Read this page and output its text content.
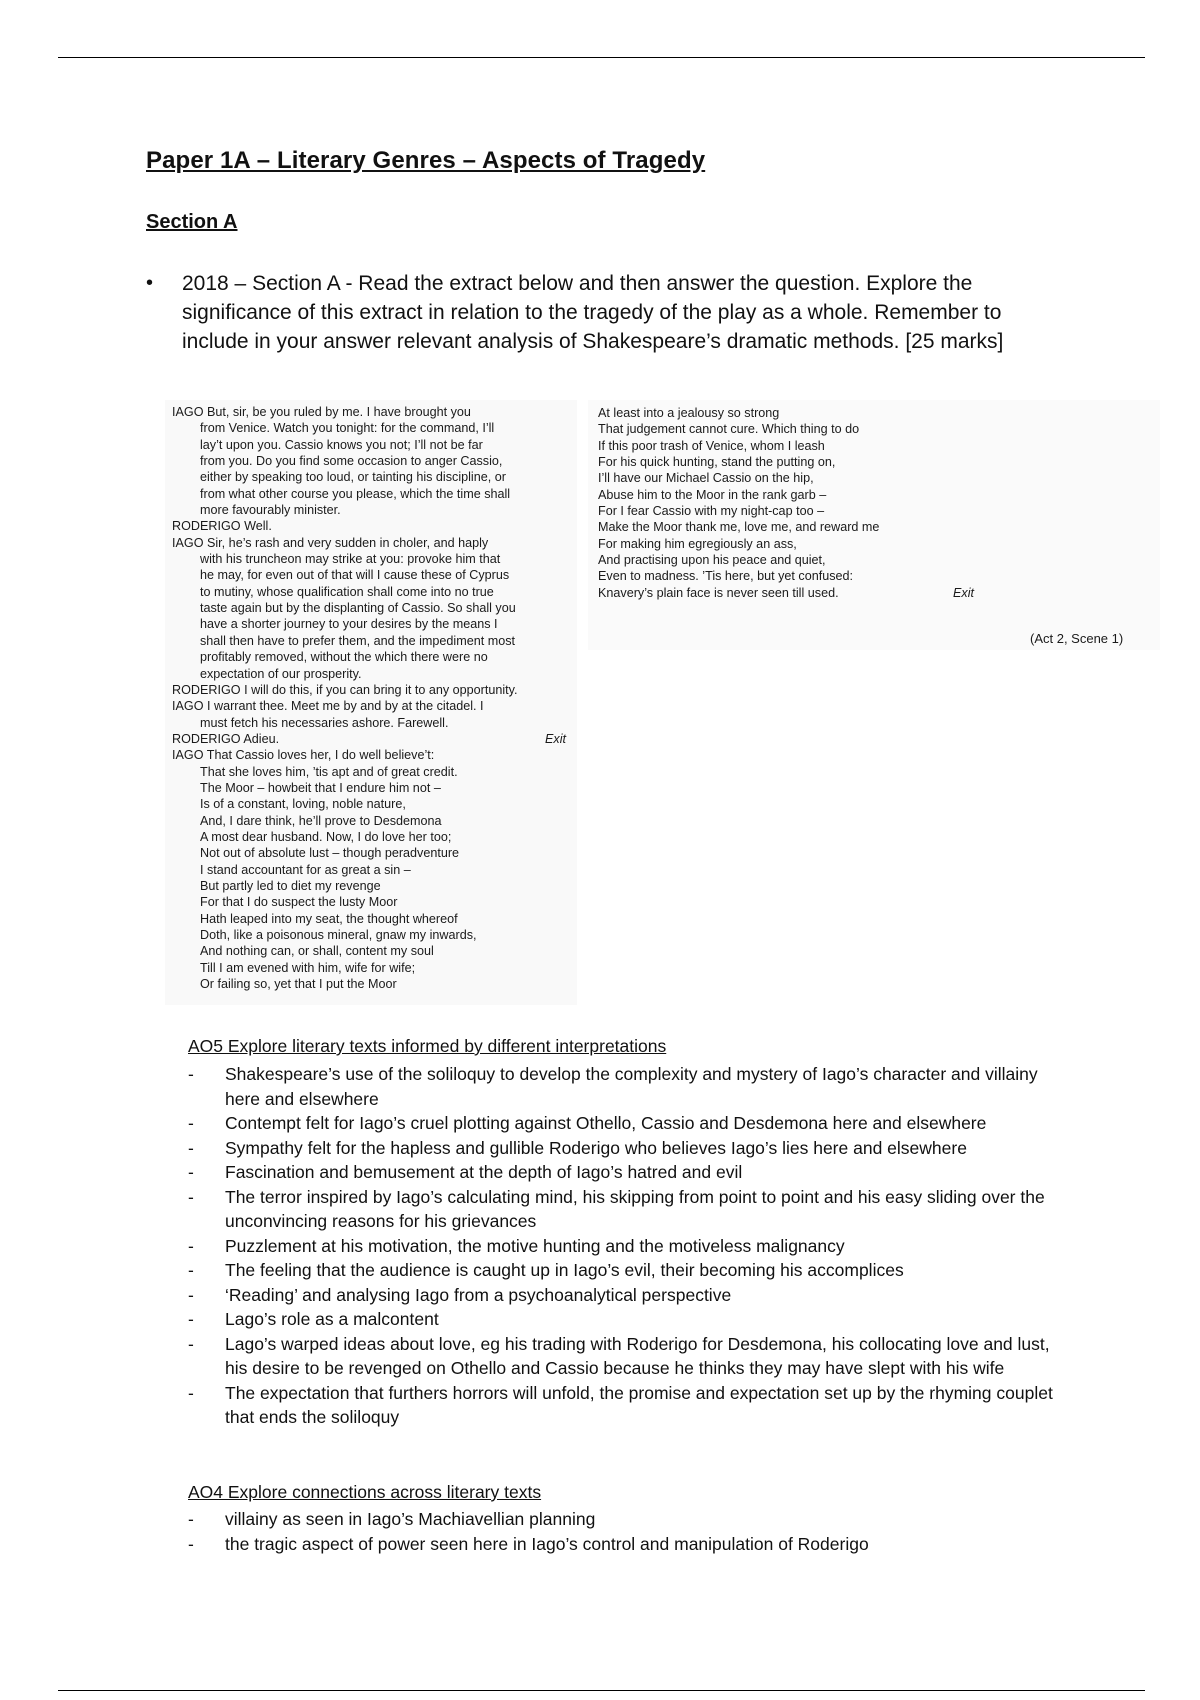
Paper 1A – Literary Genres – Aspects of Tragedy
Section A
• 2018 – Section A - Read the extract below and then answer the question. Explore the significance of this extract in relation to the tragedy of the play as a whole. Remember to include in your answer relevant analysis of Shakespeare’s dramatic methods. [25 marks]
IAGO But, sir, be you ruled by me. I have brought you
from Venice. Watch you tonight: for the command, I’ll
lay’t upon you. Cassio knows you not; I’ll not be far
from you. Do you find some occasion to anger Cassio,
either by speaking too loud, or tainting his discipline, or
from what other course you please, which the time shall
more favourably minister.
RODERIGO Well.
IAGO Sir, he’s rash and very sudden in choler, and haply
with his truncheon may strike at you: provoke him that
he may, for even out of that will I cause these of Cyprus
to mutiny, whose qualification shall come into no true
taste again but by the displanting of Cassio. So shall you
have a shorter journey to your desires by the means I
shall then have to prefer them, and the impediment most
profitably removed, without the which there were no
expectation of our prosperity.
RODERIGO I will do this, if you can bring it to any opportunity.
IAGO I warrant thee. Meet me by and by at the citadel. I
must fetch his necessaries ashore. Farewell.
RODERIGO Adieu.	Exit
IAGO That Cassio loves her, I do well believe’t:
That she loves him, ’tis apt and of great credit.
The Moor – howbeit that I endure him not –
Is of a constant, loving, noble nature,
And, I dare think, he’ll prove to Desdemona
A most dear husband. Now, I do love her too;
Not out of absolute lust – though peradventure
I stand accountant for as great a sin –
But partly led to diet my revenge
For that I do suspect the lusty Moor
Hath leaped into my seat, the thought whereof
Doth, like a poisonous mineral, gnaw my inwards,
And nothing can, or shall, content my soul
Till I am evened with him, wife for wife;
Or failing so, yet that I put the Moor
At least into a jealousy so strong
That judgement cannot cure. Which thing to do
If this poor trash of Venice, whom I leash
For his quick hunting, stand the putting on,
I’ll have our Michael Cassio on the hip,
Abuse him to the Moor in the rank garb –
For I fear Cassio with my night-cap too –
Make the Moor thank me, love me, and reward me
For making him egregiously an ass,
And practising upon his peace and quiet,
Even to madness. ’Tis here, but yet confused:
Knavery’s plain face is never seen till used.	Exit
(Act 2, Scene 1)
AO5 Explore literary texts informed by different interpretations
- Shakespeare’s use of the soliloquy to develop the complexity and mystery of Iago’s character and villainy here and elsewhere
- Contempt felt for Iago’s cruel plotting against Othello, Cassio and Desdemona here and elsewhere
- Sympathy felt for the hapless and gullible Roderigo who believes Iago’s lies here and elsewhere
- Fascination and bemusement at the depth of Iago’s hatred and evil
- The terror inspired by Iago’s calculating mind, his skipping from point to point and his easy sliding over the unconvincing reasons for his grievances
- Puzzlement at his motivation, the motive hunting and the motiveless malignancy
- The feeling that the audience is caught up in Iago’s evil, their becoming his accomplices
- ‘Reading’ and analysing Iago from a psychoanalytical perspective
- Lago’s role as a malcontent
- Lago’s warped ideas about love, eg his trading with Roderigo for Desdemona, his collocating love and lust, his desire to be revenged on Othello and Cassio because he thinks they may have slept with his wife
- The expectation that furthers horrors will unfold, the promise and expectation set up by the rhyming couplet that ends the soliloquy
AO4 Explore connections across literary texts
- villainy as seen in Iago’s Machiavellian planning
- the tragic aspect of power seen here in Iago’s control and manipulation of Roderigo
